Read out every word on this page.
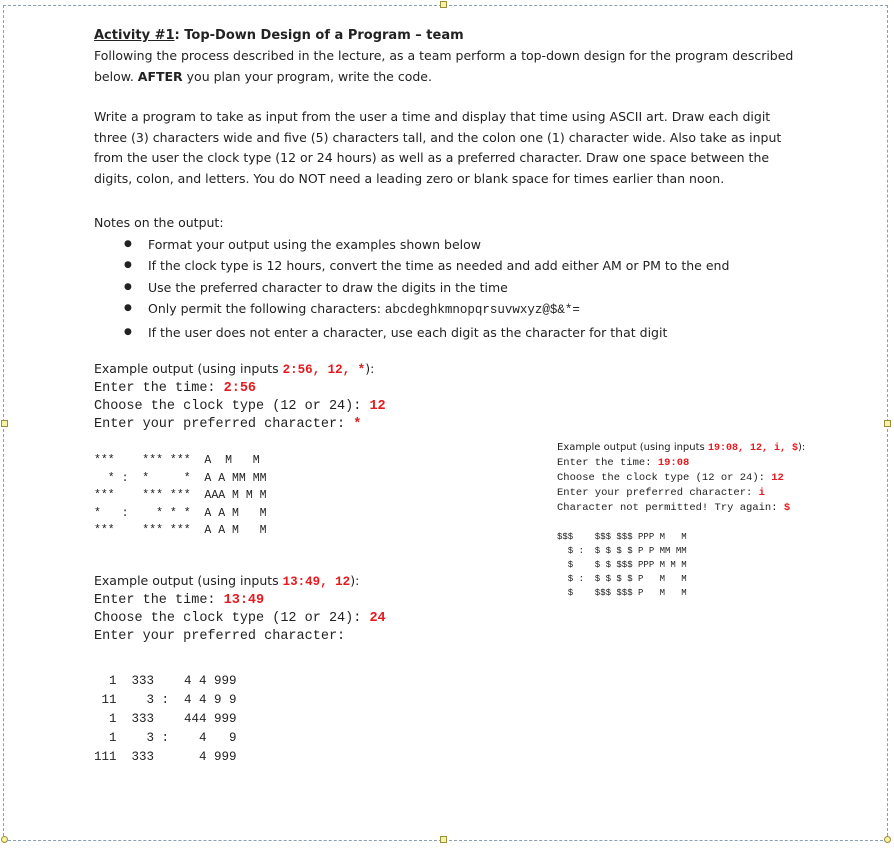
Activity #1: Top-Down Design of a Program – team

Following the process described in the lecture, as a team perform a top-down design for the program described below. AFTER you plan your program, write the code.

Write a program to take as input from the user a time and display that time using ASCII art. Draw each digit three (3) characters wide and five (5) characters tall, and the colon one (1) character wide. Also take as input from the user the clock type (12 or 24 hours) as well as a preferred character. Draw one space between the digits, colon, and letters. You do NOT need a leading zero or blank space for times earlier than noon.

Notes on the output:

● Format your output using the examples shown below
● If the clock type is 12 hours, convert the time as needed and add either AM or PM to the end
● Use the preferred character to draw the digits in the time
● Only permit the following characters: abcdeghkmnopqrsuvwxyz@$&*=
● If the user does not enter a character, use each digit as the character for that digit
Example output (using inputs 2:56, 12, *):
Enter the time: 2:56
Choose the clock type (12 or 24): 12
Enter your preferred character: *
***    *** ***  A  M   M
* :  *     *  A A MM MM
***    *** ***  AAA M M M
*   :    * * *  A A M   M
***    *** ***  A A M   M
Example output (using inputs 13:49, 12):
Enter the time: 13:49
Choose the clock type (12 or 24): 24
Enter your preferred character:
1  333    4 4 999
11    3 :  4 4 9 9
1  333    444 999
1    3 :    4   9
111  333      4 999
Example output (using inputs 19:08, 12, i, $):
Enter the time: 19:08
Choose the clock type (12 or 24): 12
Enter your preferred character: i
Character not permitted! Try again: $
$$$    $$$ $$$ PPP M   M
$ :  $ $ $ $ P P MM MM
$    $ $ $$$ PPP M M M
$ :  $ $ $ $ P   M   M
$    $$$ $$$ P   M   M
